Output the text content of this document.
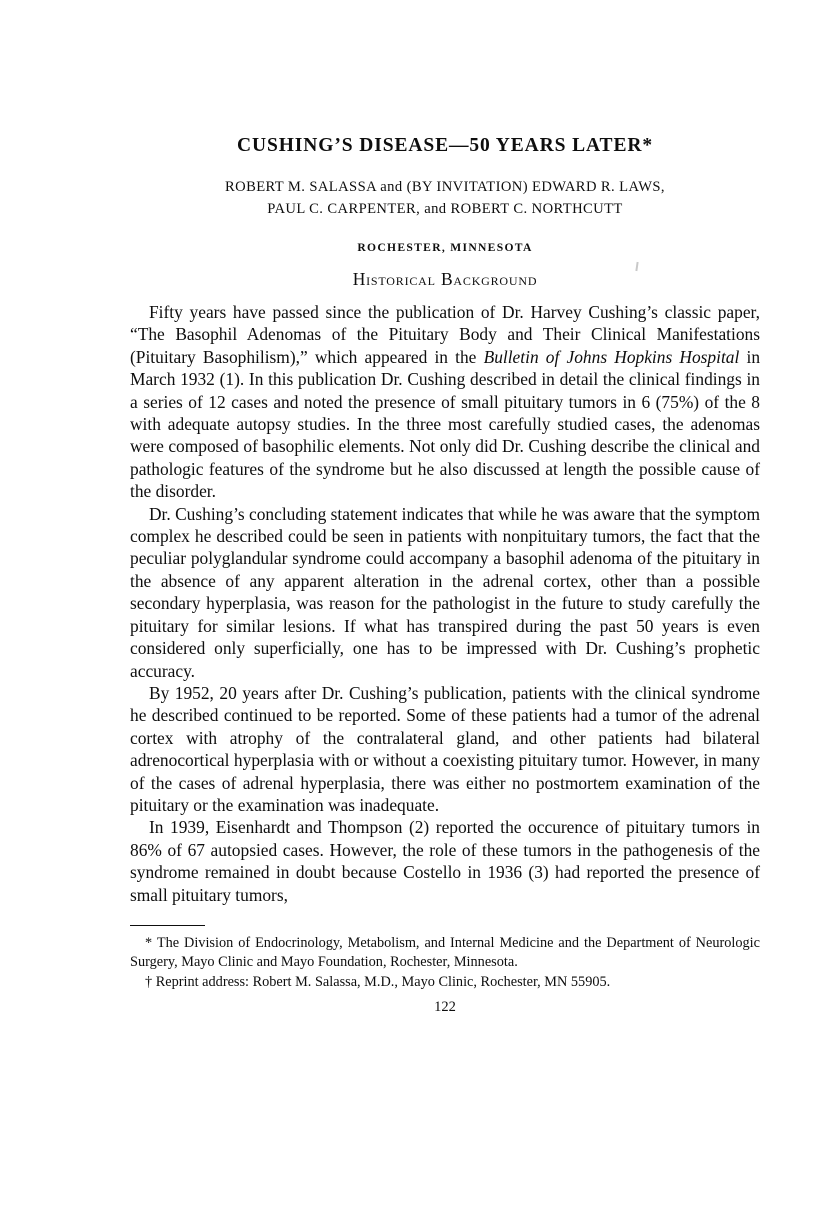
CUSHING’S DISEASE—50 YEARS LATER*
ROBERT M. SALASSA and (BY INVITATION) EDWARD R. LAWS,
PAUL C. CARPENTER, and ROBERT C. NORTHCUTT
ROCHESTER, MINNESOTA
Historical Background

Fifty years have passed since the publication of Dr. Harvey Cushing’s classic paper, “The Basophil Adenomas of the Pituitary Body and Their Clinical Manifestations (Pituitary Basophilism),” which appeared in the Bulletin of Johns Hopkins Hospital in March 1932 (1). In this publication Dr. Cushing described in detail the clinical findings in a series of 12 cases and noted the presence of small pituitary tumors in 6 (75%) of the 8 with adequate autopsy studies. In the three most carefully studied cases, the adenomas were composed of basophilic elements. Not only did Dr. Cushing describe the clinical and pathologic features of the syndrome but he also discussed at length the possible cause of the disorder.

Dr. Cushing’s concluding statement indicates that while he was aware that the symptom complex he described could be seen in patients with nonpituitary tumors, the fact that the peculiar polyglandular syndrome could accompany a basophil adenoma of the pituitary in the absence of any apparent alteration in the adrenal cortex, other than a possible secondary hyperplasia, was reason for the pathologist in the future to study carefully the pituitary for similar lesions. If what has transpired during the past 50 years is even considered only superficially, one has to be impressed with Dr. Cushing’s prophetic accuracy.

By 1952, 20 years after Dr. Cushing’s publication, patients with the clinical syndrome he described continued to be reported. Some of these patients had a tumor of the adrenal cortex with atrophy of the contralateral gland, and other patients had bilateral adrenocortical hyperplasia with or without a coexisting pituitary tumor. However, in many of the cases of adrenal hyperplasia, there was either no postmortem examination of the pituitary or the examination was inadequate.

In 1939, Eisenhardt and Thompson (2) reported the occurence of pituitary tumors in 86% of 67 autopsied cases. However, the role of these tumors in the pathogenesis of the syndrome remained in doubt because Costello in 1936 (3) had reported the presence of small pituitary tumors,

* The Division of Endocrinology, Metabolism, and Internal Medicine and the Department of Neurologic Surgery, Mayo Clinic and Mayo Foundation, Rochester, Minnesota.

† Reprint address: Robert M. Salassa, M.D., Mayo Clinic, Rochester, MN 55905.

122
